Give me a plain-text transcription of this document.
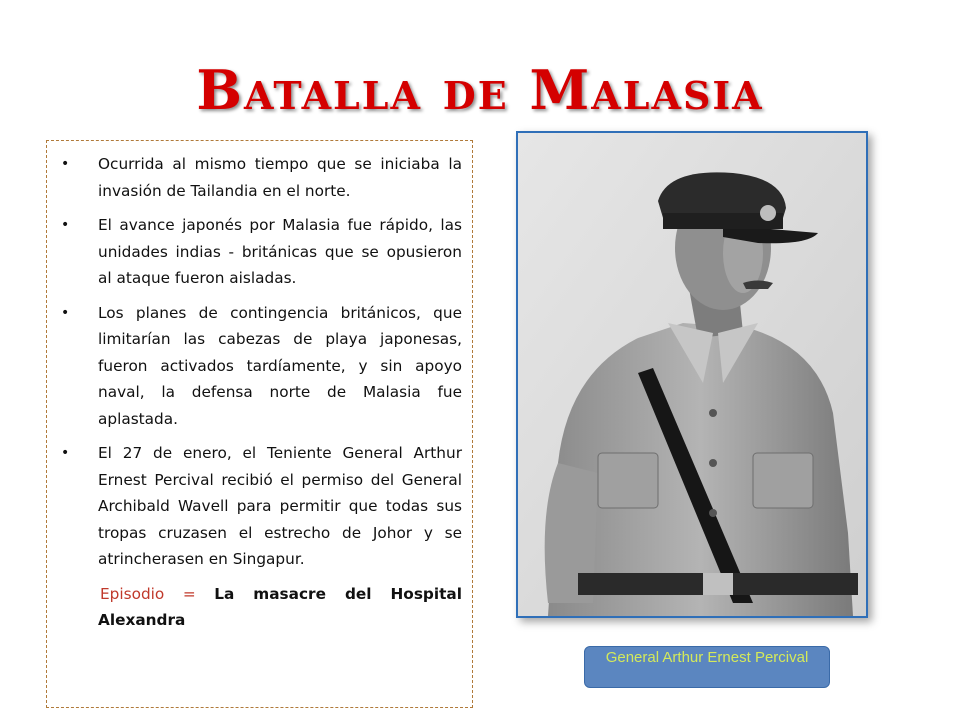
Batalla de Malasia
• Ocurrida al mismo tiempo que se iniciaba la invasión de Tailandia en el norte.
• El avance japonés por Malasia fue rápido, las unidades indias - británicas que se opusieron al ataque fueron aisladas.
• Los planes de contingencia británicos, que limitarían las cabezas de playa japonesas, fueron activados tardíamente, y sin apoyo naval, la defensa norte de Malasia fue aplastada.
• El 27 de enero, el Teniente General Arthur Ernest Percival recibió el permiso del General Archibald Wavell para permitir que todas sus tropas cruzasen el estrecho de Johor y se atrincherasen en Singapur.
Episodio = La masacre del Hospital Alexandra
General Arthur Ernest Percival
